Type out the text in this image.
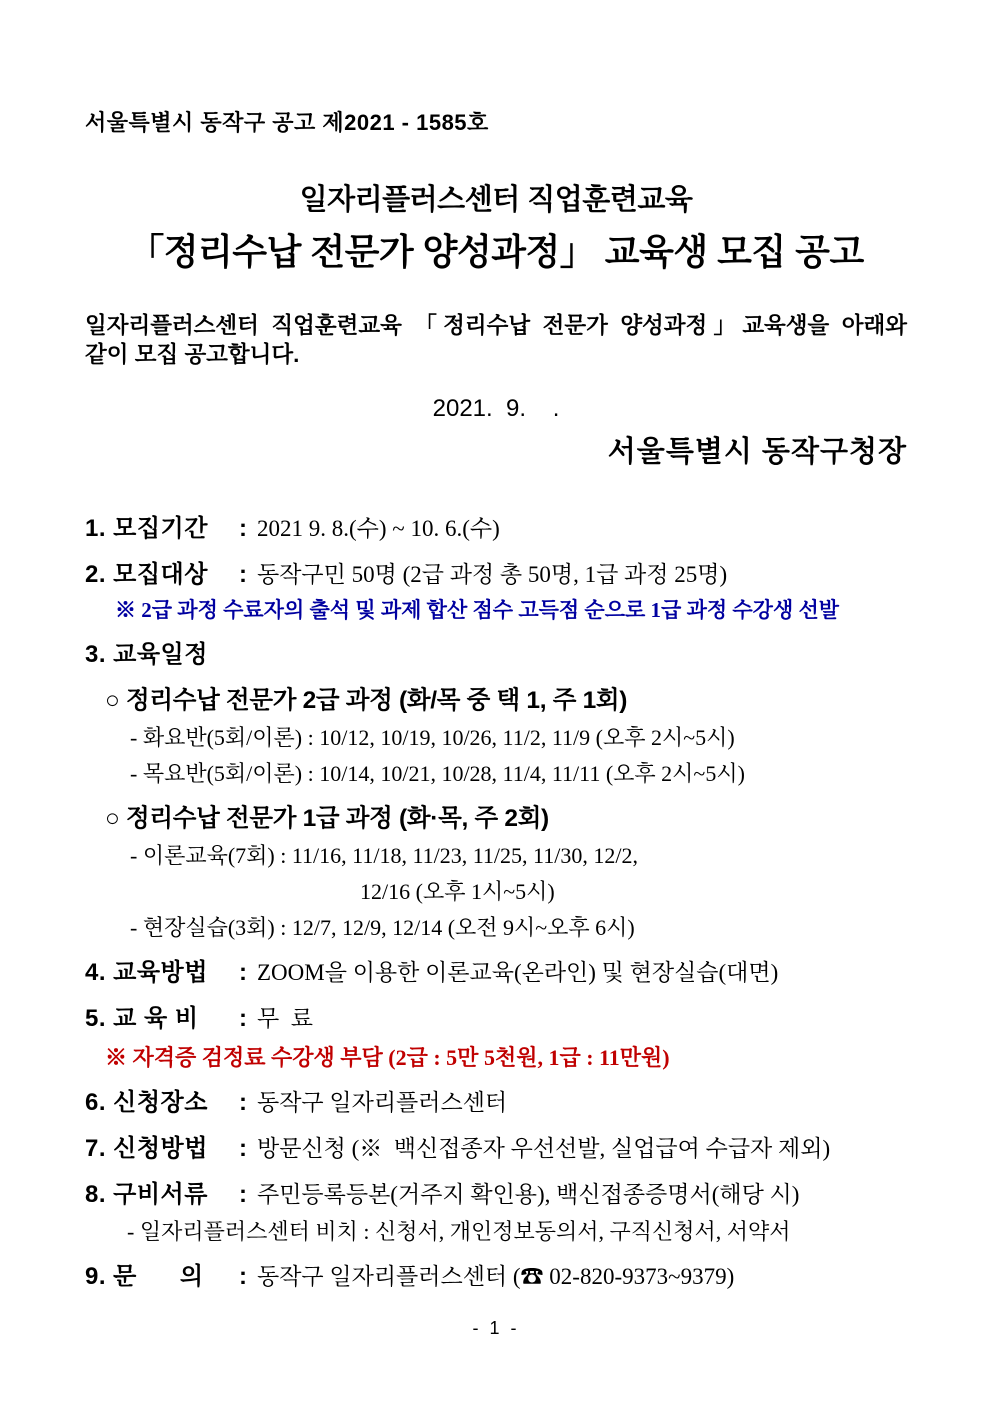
서울특별시 동작구 공고 제2021 - 1585호
일자리플러스센터 직업훈련교육
「정리수납 전문가 양성과정」 교육생 모집 공고
일자리플러스센터 직업훈련교육 「정리수납 전문가 양성과정」교육생을 아래와
같이 모집 공고합니다.
2021.  9.    .
서울특별시 동작구청장
1. 모집기간	: 2021 9. 8.(수) ~ 10. 6.(수)
2. 모집대상	: 동작구민 50명 (2급 과정 총 50명, 1급 과정 25명)
※ 2급 과정 수료자의 출석 및 과제 합산 점수 고득점 순으로 1급 과정 수강생 선발
3. 교육일정
○ 정리수납 전문가 2급 과정 (화/목 중 택 1, 주 1회)
- 화요반(5회/이론) : 10/12, 10/19, 10/26, 11/2, 11/9 (오후 2시~5시)
- 목요반(5회/이론) : 10/14, 10/21, 10/28, 11/4, 11/11 (오후 2시~5시)
○ 정리수납 전문가 1급 과정 (화·목, 주 2회)
- 이론교육(7회) : 11/16, 11/18, 11/23, 11/25, 11/30, 12/2,
12/16 (오후 1시~5시)
- 현장실습(3회) : 12/7, 12/9, 12/14 (오전 9시~오후 6시)
4. 교육방법	: ZOOM을 이용한 이론교육(온라인) 및 현장실습(대면)
5. 교 육 비	: 무  료
※ 자격증 검정료 수강생 부담 (2급 : 5만 5천원, 1급 : 11만원)
6. 신청장소	: 동작구 일자리플러스센터
7. 신청방법	: 방문신청 (※  백신접종자 우선선발, 실업급여 수급자 제외)
8. 구비서류	: 주민등록등본(거주지 확인용), 백신접종증명서(해당 시)
- 일자리플러스센터 비치 : 신청서, 개인정보동의서, 구직신청서, 서약서
9. 문      의	: 동작구 일자리플러스센터 (☎ 02-820-9373~9379)
- 1 -
